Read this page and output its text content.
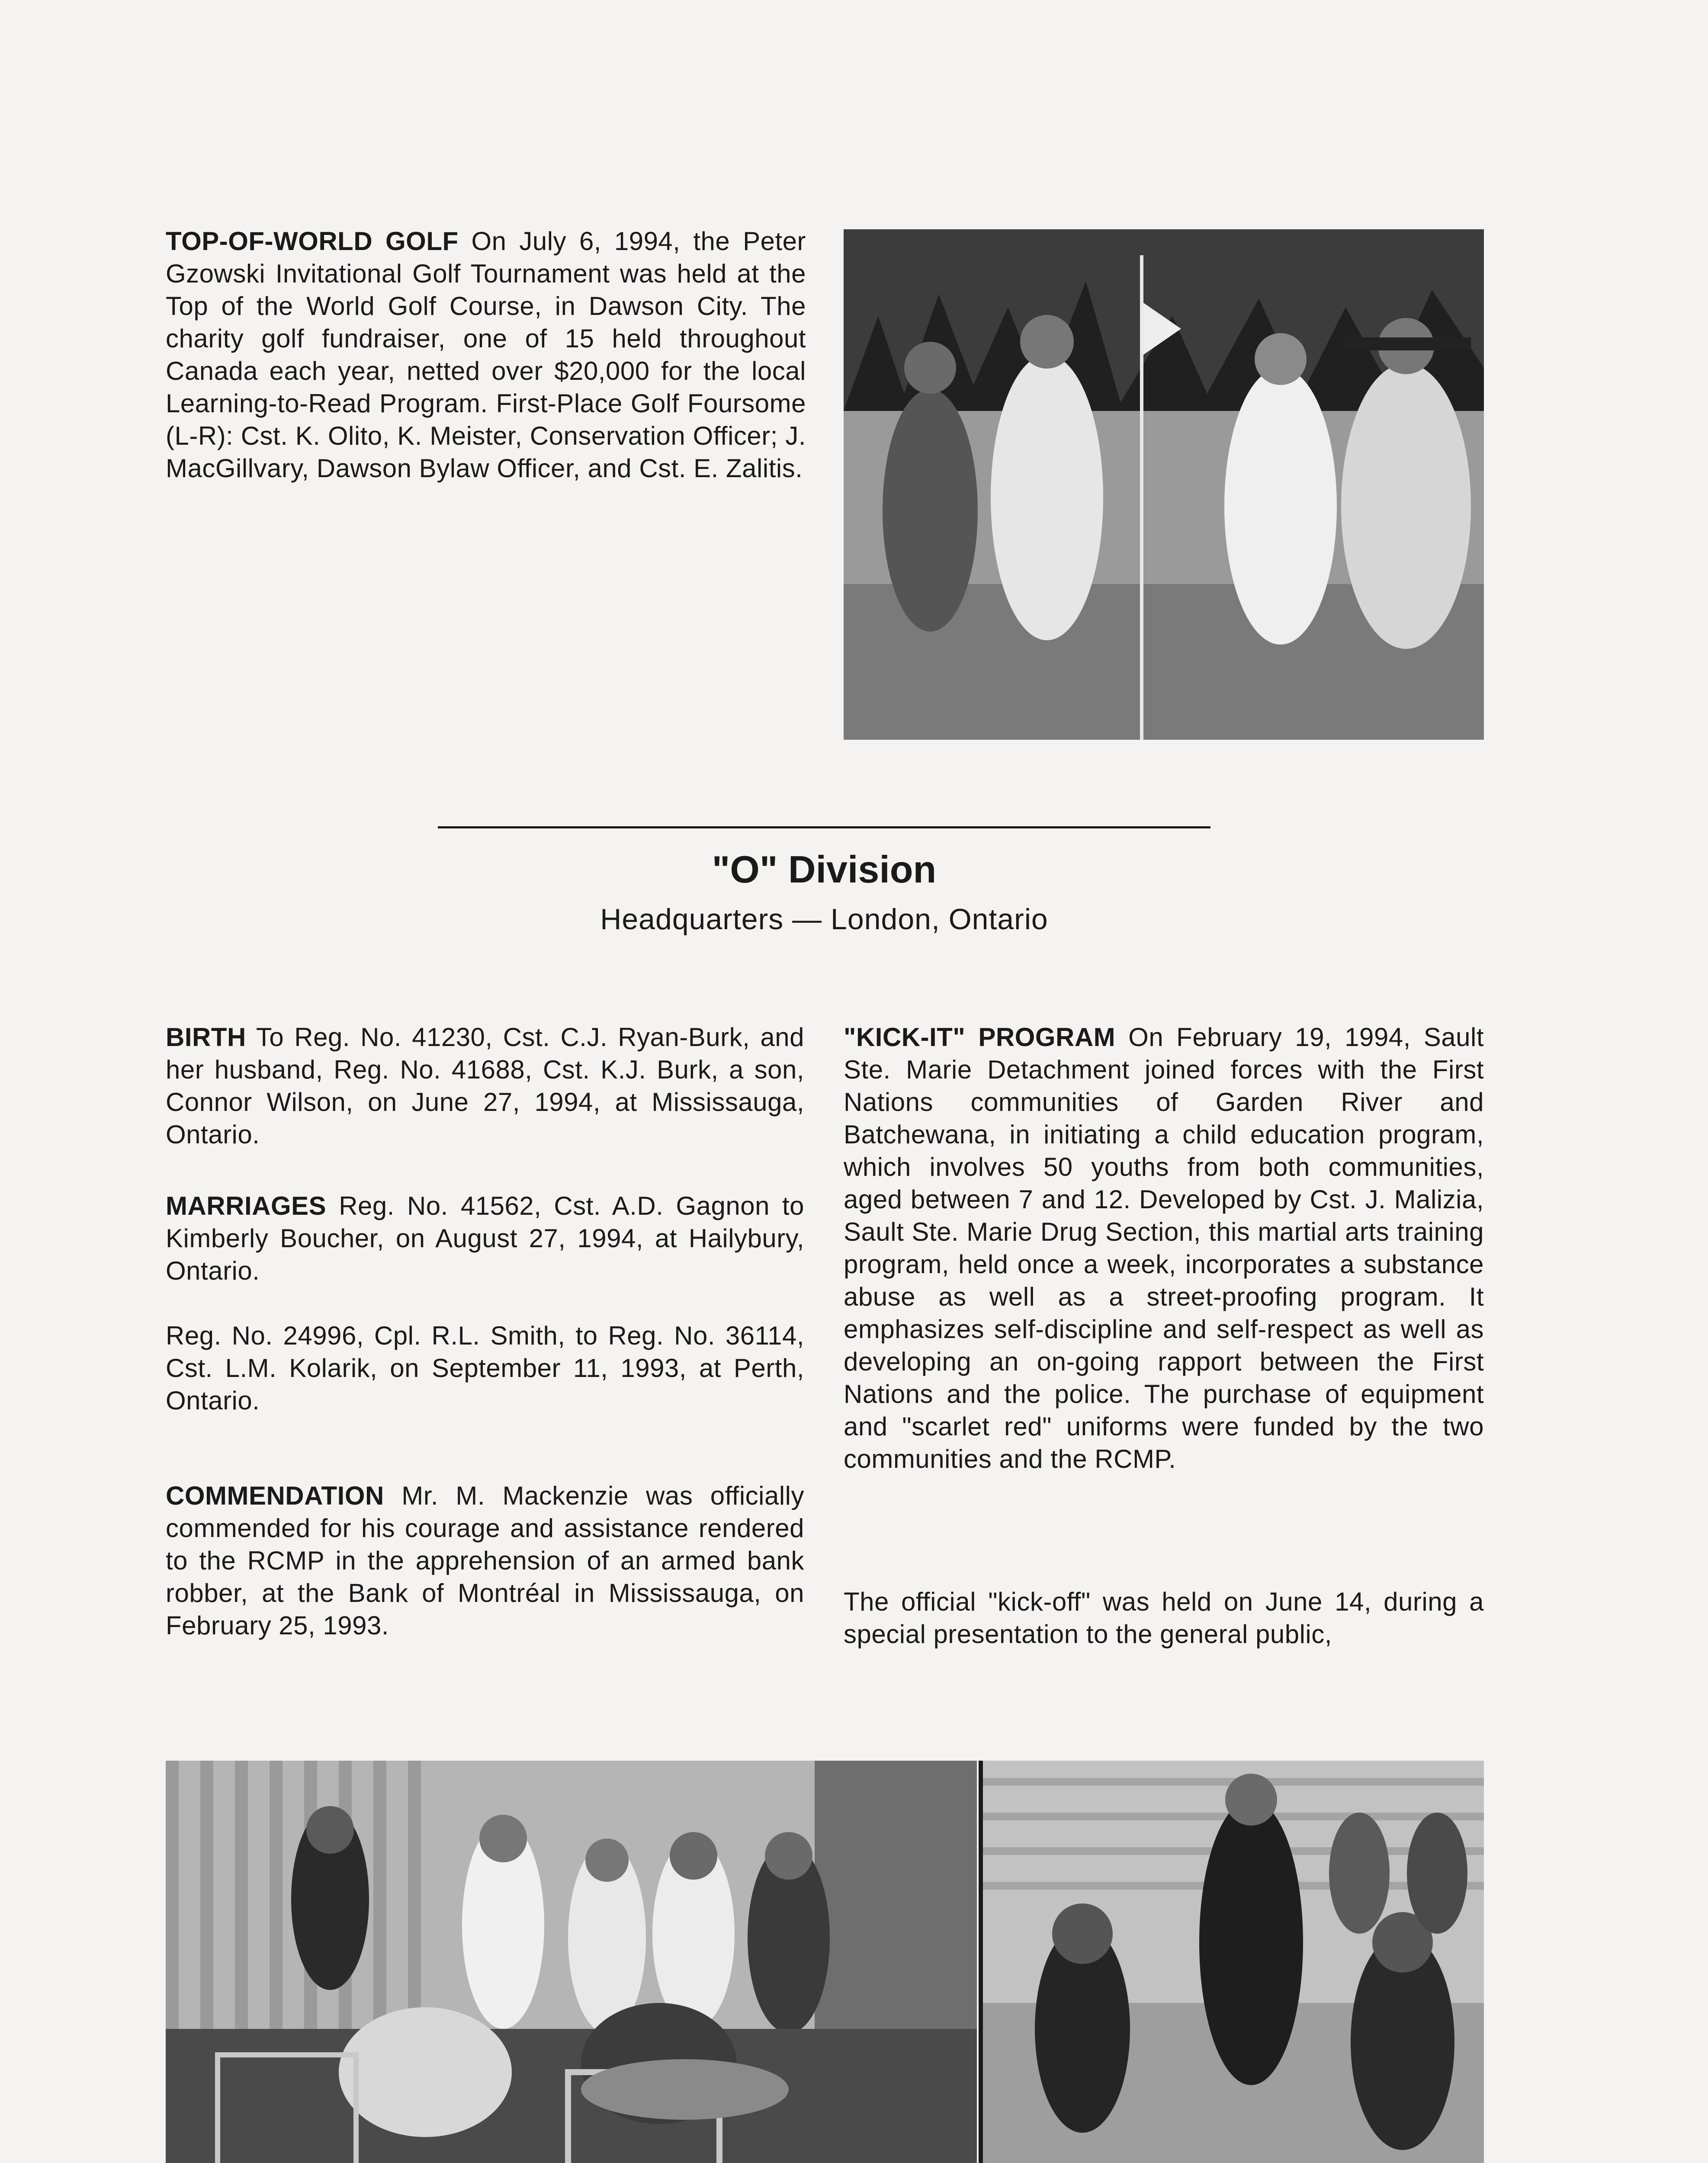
TOP-OF-WORLD GOLF On July 6, 1994, the Peter Gzowski Invitational Golf Tournament was held at the Top of the World Golf Course, in Dawson City. The charity golf fundraiser, one of 15 held throughout Canada each year, netted over $20,000 for the local Learning-to-Read Program. First-Place Golf Foursome (L-R): Cst. K. Olito, K. Meister, Conservation Officer; J. MacGillvary, Dawson Bylaw Officer, and Cst. E. Zalitis.
"O" Division
Headquarters — London, Ontario
BIRTH To Reg. No. 41230, Cst. C.J. Ryan-Burk, and her husband, Reg. No. 41688, Cst. K.J. Burk, a son, Connor Wilson, on June 27, 1994, at Mississauga, Ontario.
MARRIAGES Reg. No. 41562, Cst. A.D. Gagnon to Kimberly Boucher, on August 27, 1994, at Hailybury, Ontario.
Reg. No. 24996, Cpl. R.L. Smith, to Reg. No. 36114, Cst. L.M. Kolarik, on September 11, 1993, at Perth, Ontario.
COMMENDATION Mr. M. Mackenzie was officially commended for his courage and assistance rendered to the RCMP in the apprehension of an armed bank robber, at the Bank of Montréal in Mississauga, on February 25, 1993.
"KICK-IT" PROGRAM On February 19, 1994, Sault Ste. Marie Detachment joined forces with the First Nations communities of Garden River and Batchewana, in initiating a child education program, which involves 50 youths from both communities, aged between 7 and 12. Developed by Cst. J. Malizia, Sault Ste. Marie Drug Section, this martial arts training program, held once a week, incorporates a substance abuse as well as a street-proofing program. It emphasizes self-discipline and self-respect as well as developing an on-going rapport between the First Nations and the police. The purchase of equipment and "scarlet red" uniforms were funded by the two communities and the RCMP.
The official "kick-off" was held on June 14, during a special presentation to the general public,
